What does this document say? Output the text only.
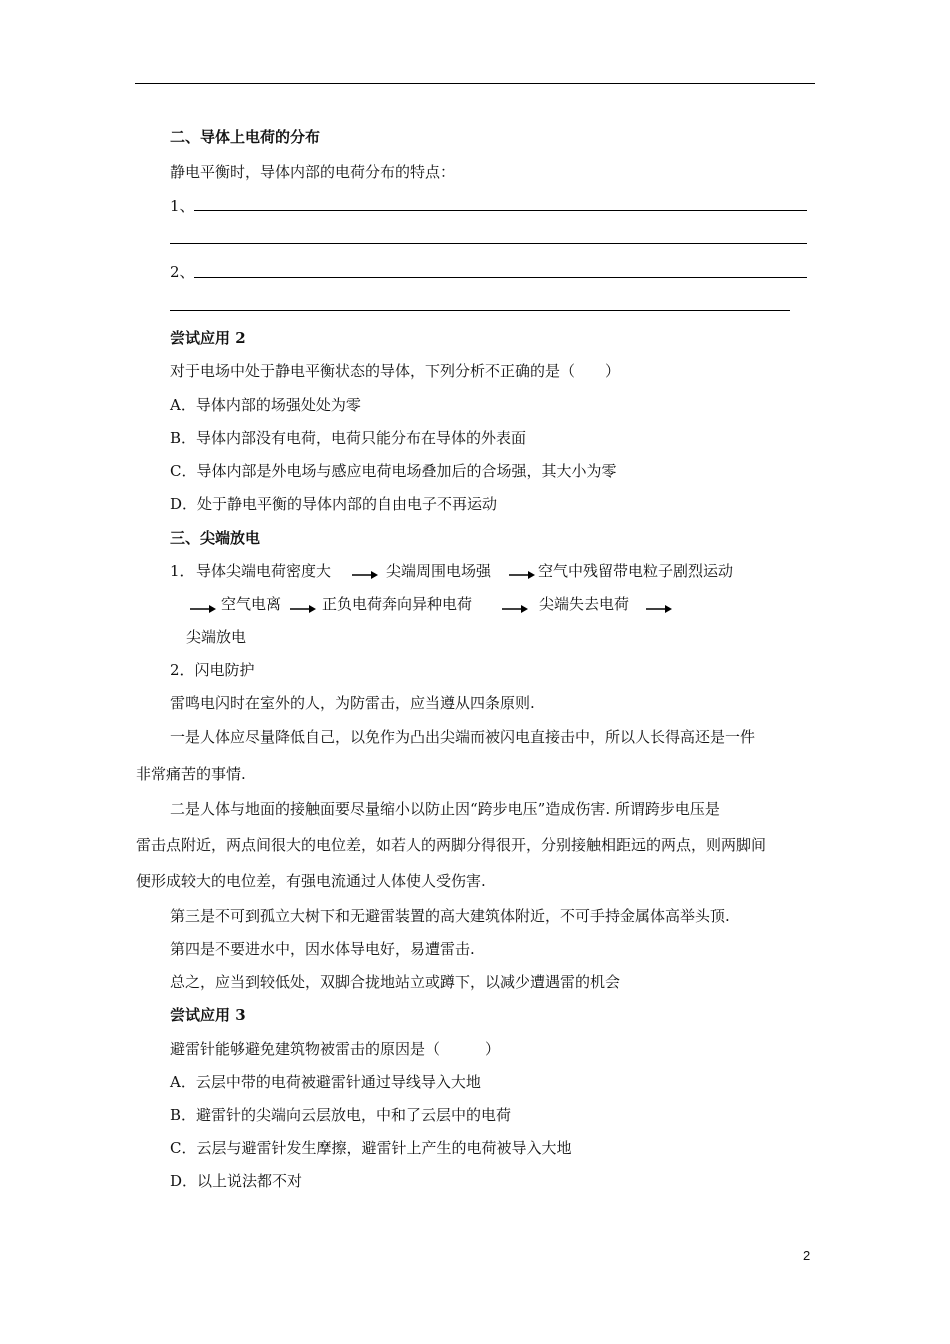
二、导体上电荷的分布
静电平衡时，导体内部的电荷分布的特点：
1、
2、
尝试应用 2
对于电场中处于静电平衡状态的导体，下列分析不正确的是（　　）
A．导体内部的场强处处为零
B．导体内部没有电荷，电荷只能分布在导体的外表面
C．导体内部是外电场与感应电荷电场叠加后的合场强，其大小为零
D．处于静电平衡的导体内部的自由电子不再运动
三、尖端放电
1． 导体尖端电荷密度大	尖端周围电场强	空气中残留带电粒子剧烈运动
空气电离	正负电荷奔向异种电荷	尖端失去电荷
尖端放电
2．闪电防护
雷鸣电闪时在室外的人，为防雷击，应当遵从四条原则.
一是人体应尽量降低自己，以免作为凸出尖端而被闪电直接击中，所以人长得高还是一件
非常痛苦的事情.
二是人体与地面的接触面要尽量缩小以防止因“跨步电压”造成伤害. 所谓跨步电压是
雷击点附近，两点间很大的电位差，如若人的两脚分得很开，分别接触相距远的两点，则两脚间
便形成较大的电位差，有强电流通过人体使人受伤害.
第三是不可到孤立大树下和无避雷装置的高大建筑体附近，不可手持金属体高举头顶.
第四是不要进水中，因水体导电好，易遭雷击.
总之，应当到较低处，双脚合拢地站立或蹲下，以减少遭遇雷的机会
尝试应用 3
避雷针能够避免建筑物被雷击的原因是（　　　）
A．云层中带的电荷被避雷针通过导线导入大地
B．避雷针的尖端向云层放电，中和了云层中的电荷
C．云层与避雷针发生摩擦，避雷针上产生的电荷被导入大地
D．以上说法都不对
2
